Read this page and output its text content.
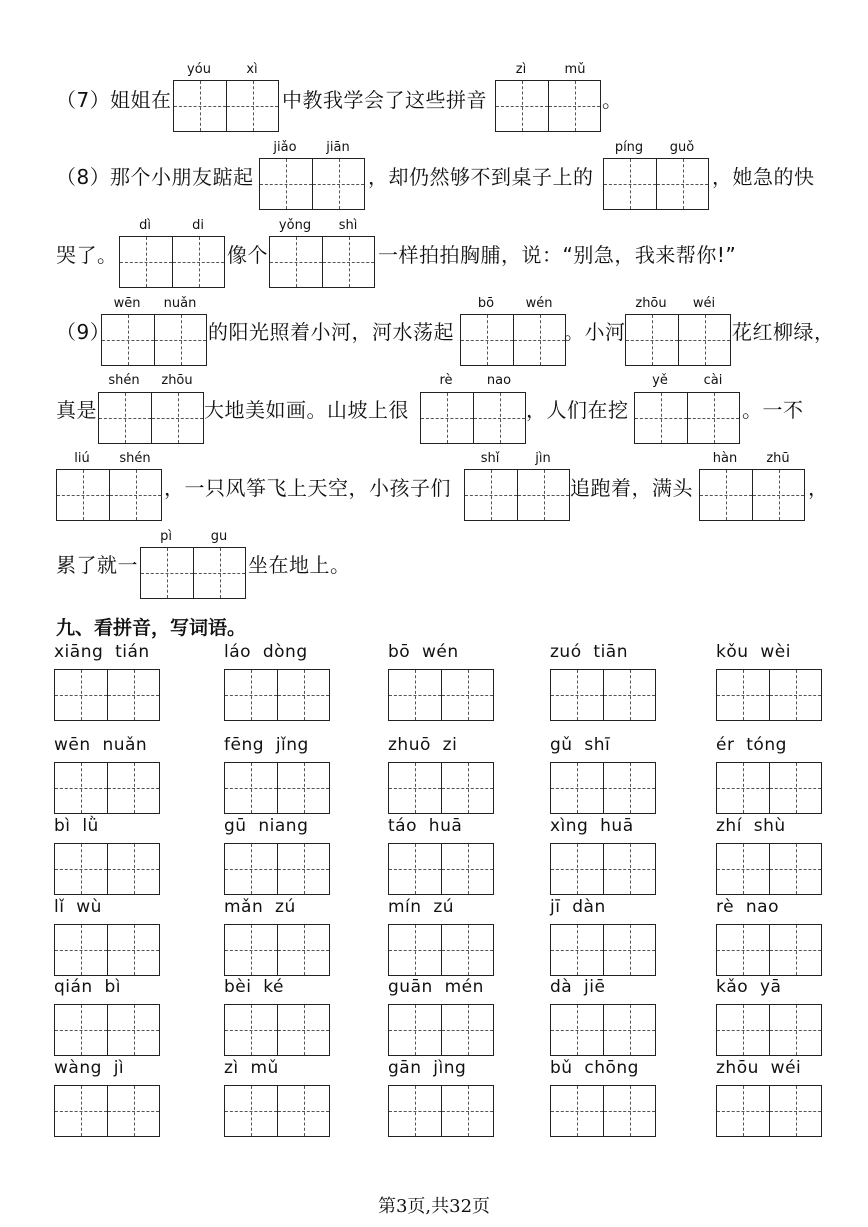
（7） 姐姐在
yóu	xì
中教我学会了这些拼音
zì	mǔ
。
（8） 那个小朋友踮起
jiǎo jiān
，却仍然够不到桌子上的
píng guǒ
，她急的快
哭了。
dì	di
像个
yǒng shì
一样拍拍胸脯，说：“别急，我来帮你!”
（9）
wēn nuǎn
的阳光照着小河，河水荡起
bō wén
。小河
zhōu wéi
花红柳绿，
真是
shén zhōu
大地美如画。山坡上很
rè	nao
，人们在挖
yě	cài
。一不
liú shén
，一只风筝飞上天空，小孩子们
shǐ	jìn
追跑着，满头
hàn zhū
，
累了就一
pì	gu
坐在地上。
九、看拼音，写词语。
xiāng  tián	láo  dòng	bō  wén	zuó  tiān	kǒu  wèi
wēn  nuǎn	fēng  jǐng	zhuō  zi	gǔ  shī	ér  tóng
bì  lǜ	gū  niang	táo  huā	xìng  huā	zhí  shù
lǐ  wù	mǎn  zú	mín  zú	jī  dàn	rè  nao
qián  bì	bèi  ké	guān  mén	dà  jiē	kǎo  yā
wàng  jì	zì  mǔ	gān  jìng	bǔ  chōng	zhōu  wéi
第3页,共32页
